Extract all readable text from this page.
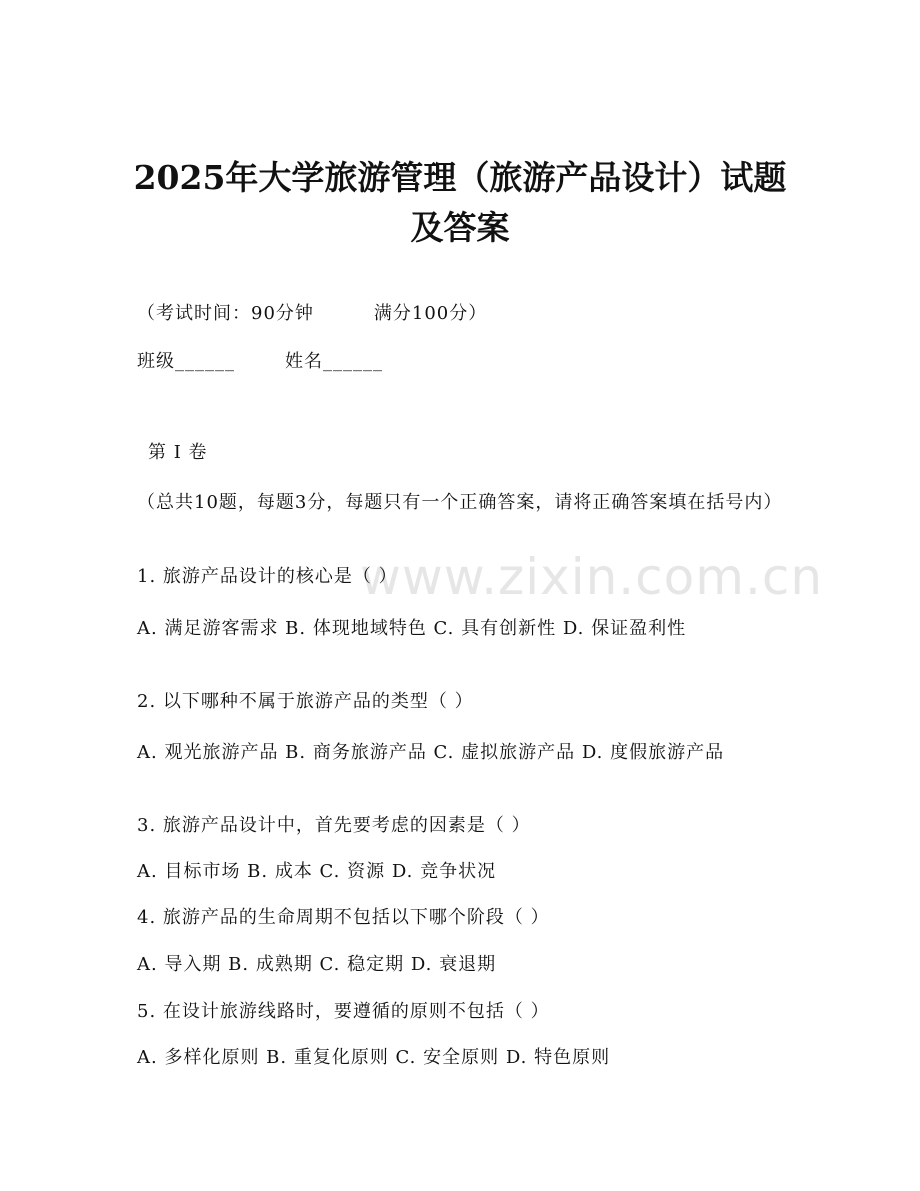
www.zixin.com.cn
2025年大学旅游管理（旅游产品设计）试题
及答案
（考试时间：90分钟	满分100分）
班级______	姓名______
第 I 卷
（总共10题，每题3分，每题只有一个正确答案，请将正确答案填在括号内）
1. 旅游产品设计的核心是（ ）
A. 满足游客需求 B. 体现地域特色 C. 具有创新性 D. 保证盈利性
2. 以下哪种不属于旅游产品的类型（ ）
A. 观光旅游产品 B. 商务旅游产品 C. 虚拟旅游产品 D. 度假旅游产品
3. 旅游产品设计中，首先要考虑的因素是（ ）
A. 目标市场 B. 成本 C. 资源 D. 竞争状况
4. 旅游产品的生命周期不包括以下哪个阶段（ ）
A. 导入期 B. 成熟期 C. 稳定期 D. 衰退期
5. 在设计旅游线路时，要遵循的原则不包括（ ）
A. 多样化原则 B. 重复化原则 C. 安全原则 D. 特色原则
